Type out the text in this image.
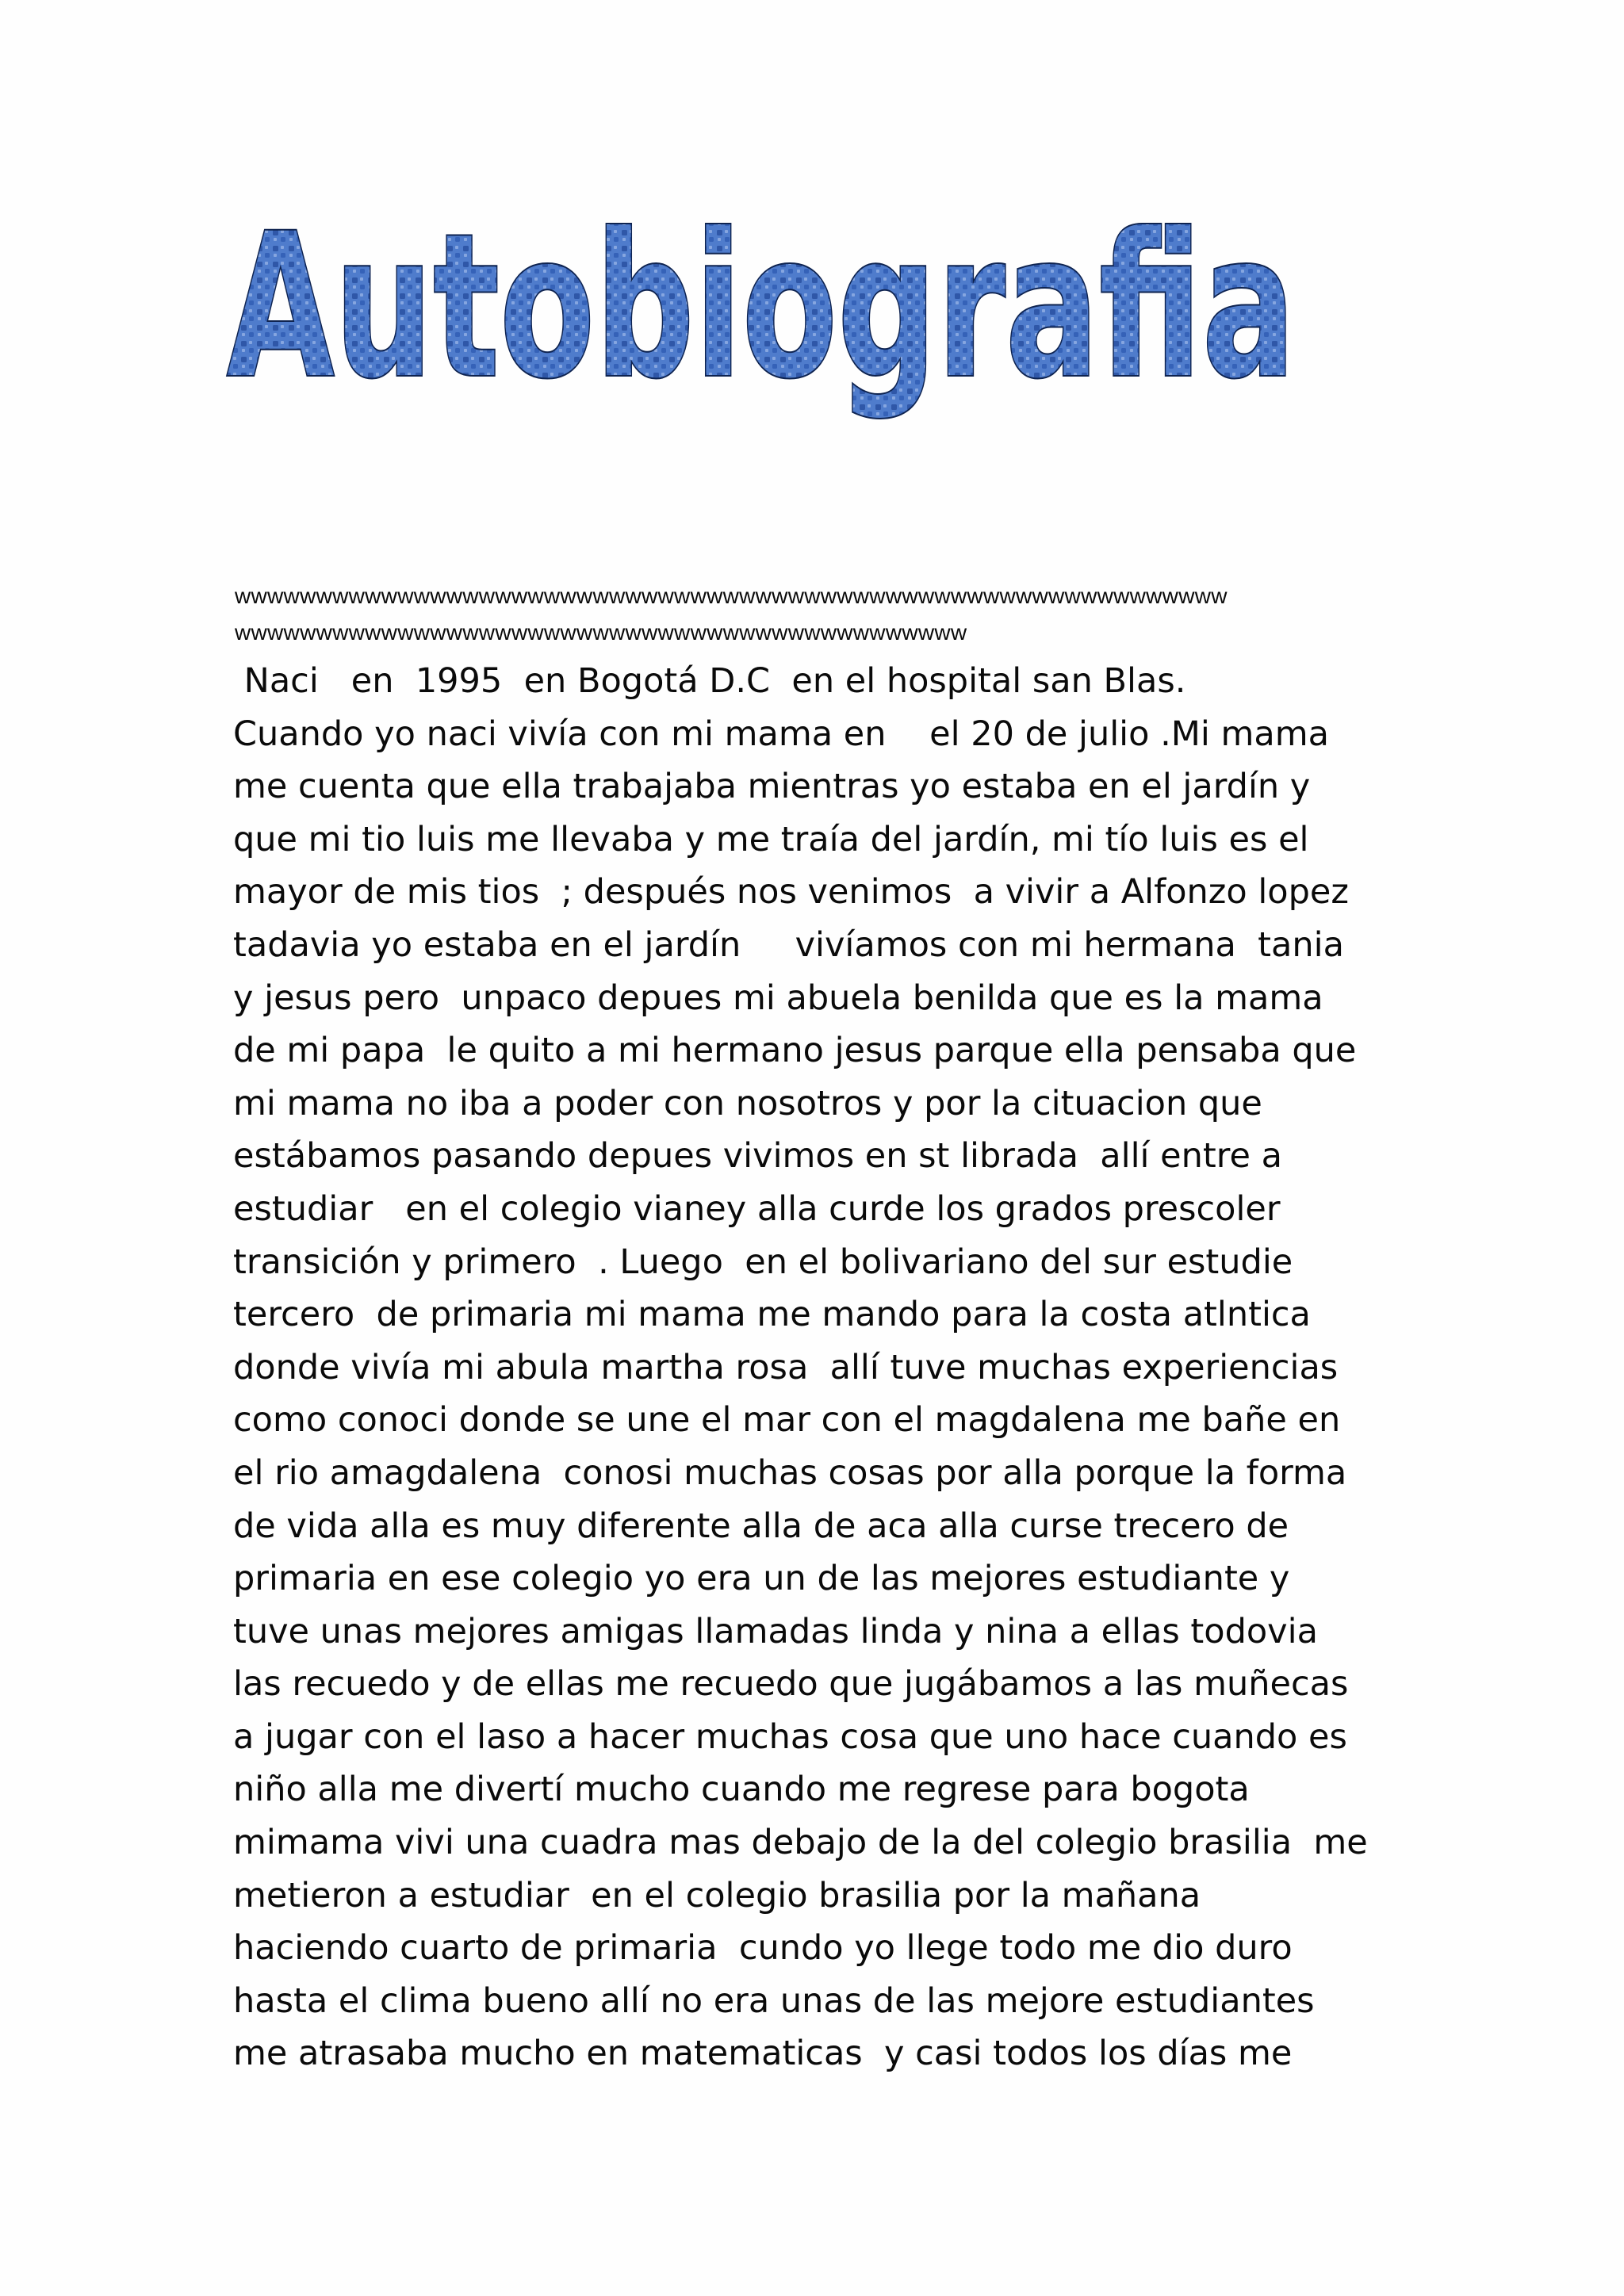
Autobiografia
wwwwwwwwwwwwwwwwwwwwwwwwwwwwwwwwwwwwwwwwwwwwwwwwwwwwwwwwwwwww
wwwwwwwwwwwwwwwwwwwwwwwwwwwwwwwwwwwwwwwwwwwww
Naci   en  1995  en Bogotá D.C  en el hospital san Blas.
Cuando yo naci vivía con mi mama en    el 20 de julio .Mi mama
me cuenta que ella trabajaba mientras yo estaba en el jardín y
que mi tio luis me llevaba y me traía del jardín, mi tío luis es el
mayor de mis tios  ; después nos venimos  a vivir a Alfonzo lopez
tadavia yo estaba en el jardín     vivíamos con mi hermana  tania
y jesus pero  unpaco depues mi abuela benilda que es la mama
de mi papa  le quito a mi hermano jesus parque ella pensaba que
mi mama no iba a poder con nosotros y por la cituacion que
estábamos pasando depues vivimos en st librada  allí entre a
estudiar   en el colegio vianey alla curde los grados prescoler
transición y primero  . Luego  en el bolivariano del sur estudie
tercero  de primaria mi mama me mando para la costa atlntica
donde vivía mi abula martha rosa  allí tuve muchas experiencias
como conoci donde se une el mar con el magdalena me bañe en
el rio amagdalena  conosi muchas cosas por alla porque la forma
de vida alla es muy diferente alla de aca alla curse trecero de
primaria en ese colegio yo era un de las mejores estudiante y
tuve unas mejores amigas llamadas linda y nina a ellas todovia
las recuedo y de ellas me recuedo que jugábamos a las muñecas
a jugar con el laso a hacer muchas cosa que uno hace cuando es
niño alla me divertí mucho cuando me regrese para bogota
mimama vivi una cuadra mas debajo de la del colegio brasilia  me
metieron a estudiar  en el colegio brasilia por la mañana
haciendo cuarto de primaria  cundo yo llege todo me dio duro
hasta el clima bueno allí no era unas de las mejore estudiantes
me atrasaba mucho en matematicas  y casi todos los días me
